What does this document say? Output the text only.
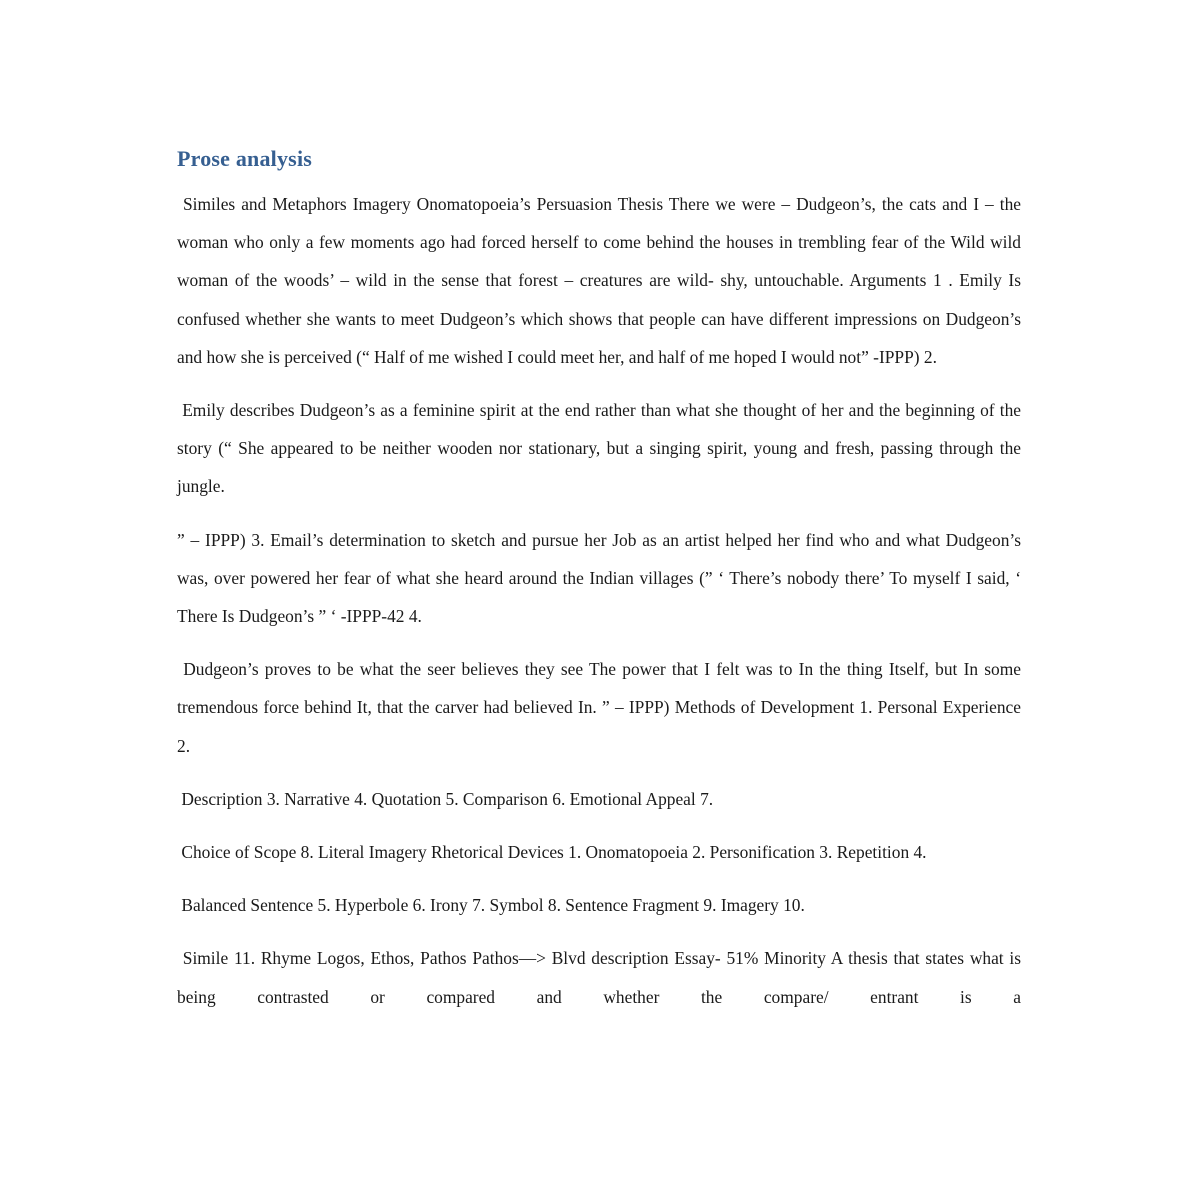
Prose analysis

Similes and Metaphors Imagery Onomatopoeia’s Persuasion Thesis There we were – Dudgeon’s, the cats and I – the woman who only a few moments ago had forced herself to come behind the houses in trembling fear of the Wild wild woman of the woods’ – wild in the sense that forest – creatures are wild- shy, untouchable. Arguments 1 . Emily Is confused whether she wants to meet Dudgeon’s which shows that people can have different impressions on Dudgeon’s and how she is perceived (“ Half of me wished I could meet her, and half of me hoped I would not” -IPPP) 2.

Emily describes Dudgeon’s as a feminine spirit at the end rather than what she thought of her and the beginning of the story (“ She appeared to be neither wooden nor stationary, but a singing spirit, young and fresh, passing through the jungle.

” – IPPP) 3. Email’s determination to sketch and pursue her Job as an artist helped her find who and what Dudgeon’s was, over powered her fear of what she heard around the Indian villages (” ‘ There’s nobody there’ To myself I said, ‘ There Is Dudgeon’s ” ‘ -IPPP-42 4.

Dudgeon’s proves to be what the seer believes they see The power that I felt was to In the thing Itself, but In some tremendous force behind It, that the carver had believed In. ” – IPPP) Methods of Development 1. Personal Experience 2.

Description 3. Narrative 4. Quotation 5. Comparison 6. Emotional Appeal 7.

Choice of Scope 8. Literal Imagery Rhetorical Devices 1. Onomatopoeia 2. Personification 3. Repetition 4.

Balanced Sentence 5. Hyperbole 6. Irony 7. Symbol 8. Sentence Fragment 9. Imagery 10.

Simile 11. Rhyme Logos, Ethos, Pathos Pathos—> Blvd description Essay- 51% Minority A thesis that states what is being contrasted or compared and whether the compare/ entrant is a
